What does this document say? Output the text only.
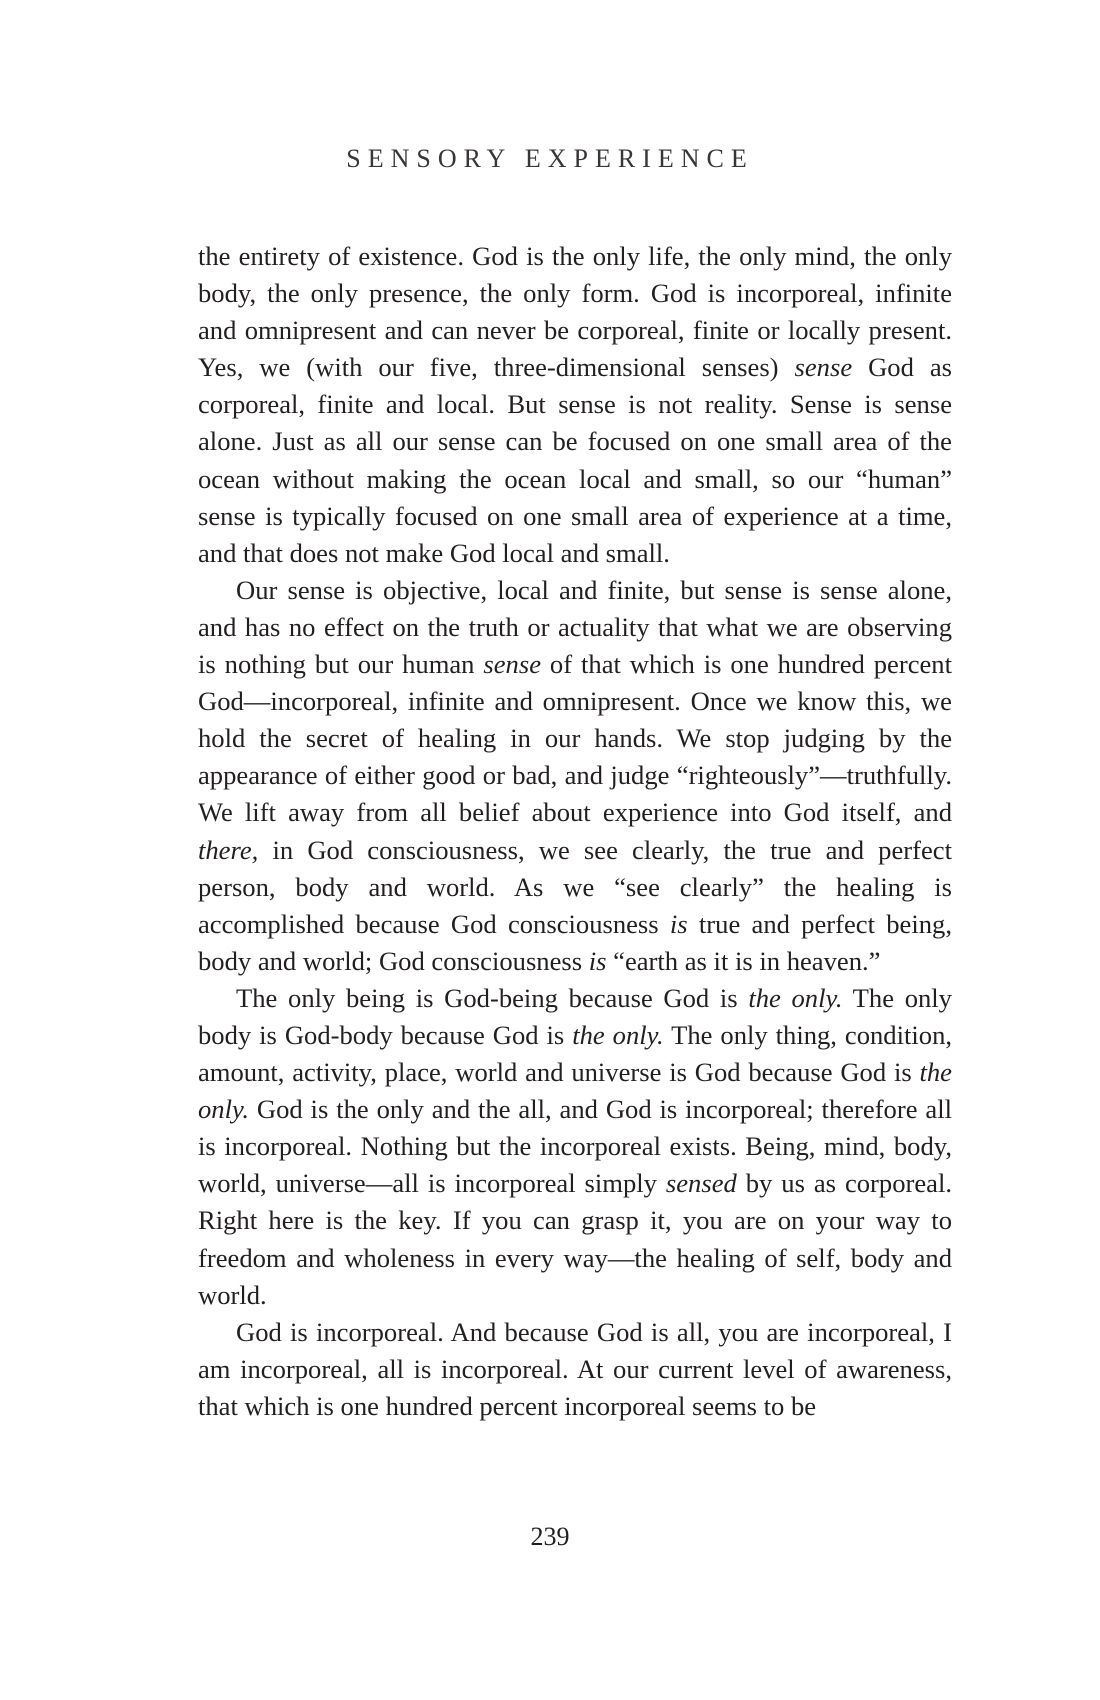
SENSORY EXPERIENCE

the entirety of existence. God is the only life, the only mind, the only body, the only presence, the only form. God is incorporeal, infinite and omnipresent and can never be corporeal, finite or locally present. Yes, we (with our five, three-dimensional senses) sense God as corporeal, finite and local. But sense is not reality. Sense is sense alone. Just as all our sense can be focused on one small area of the ocean without making the ocean local and small, so our “human” sense is typically focused on one small area of experience at a time, and that does not make God local and small.

Our sense is objective, local and finite, but sense is sense alone, and has no effect on the truth or actuality that what we are observing is nothing but our human sense of that which is one hundred percent God—incorporeal, infinite and omnipresent. Once we know this, we hold the secret of healing in our hands. We stop judging by the appearance of either good or bad, and judge “righteously”—truthfully. We lift away from all belief about experience into God itself, and there, in God consciousness, we see clearly, the true and perfect person, body and world. As we “see clearly” the healing is accomplished because God consciousness is true and perfect being, body and world; God consciousness is “earth as it is in heaven.”

The only being is God-being because God is the only. The only body is God-body because God is the only. The only thing, condition, amount, activity, place, world and universe is God because God is the only. God is the only and the all, and God is incorporeal; therefore all is incorporeal. Nothing but the incorporeal exists. Being, mind, body, world, universe—all is incorporeal simply sensed by us as corporeal. Right here is the key. If you can grasp it, you are on your way to freedom and wholeness in every way—the healing of self, body and world.

God is incorporeal. And because God is all, you are incorporeal, I am incorporeal, all is incorporeal. At our current level of awareness, that which is one hundred percent incorporeal seems to be

239
